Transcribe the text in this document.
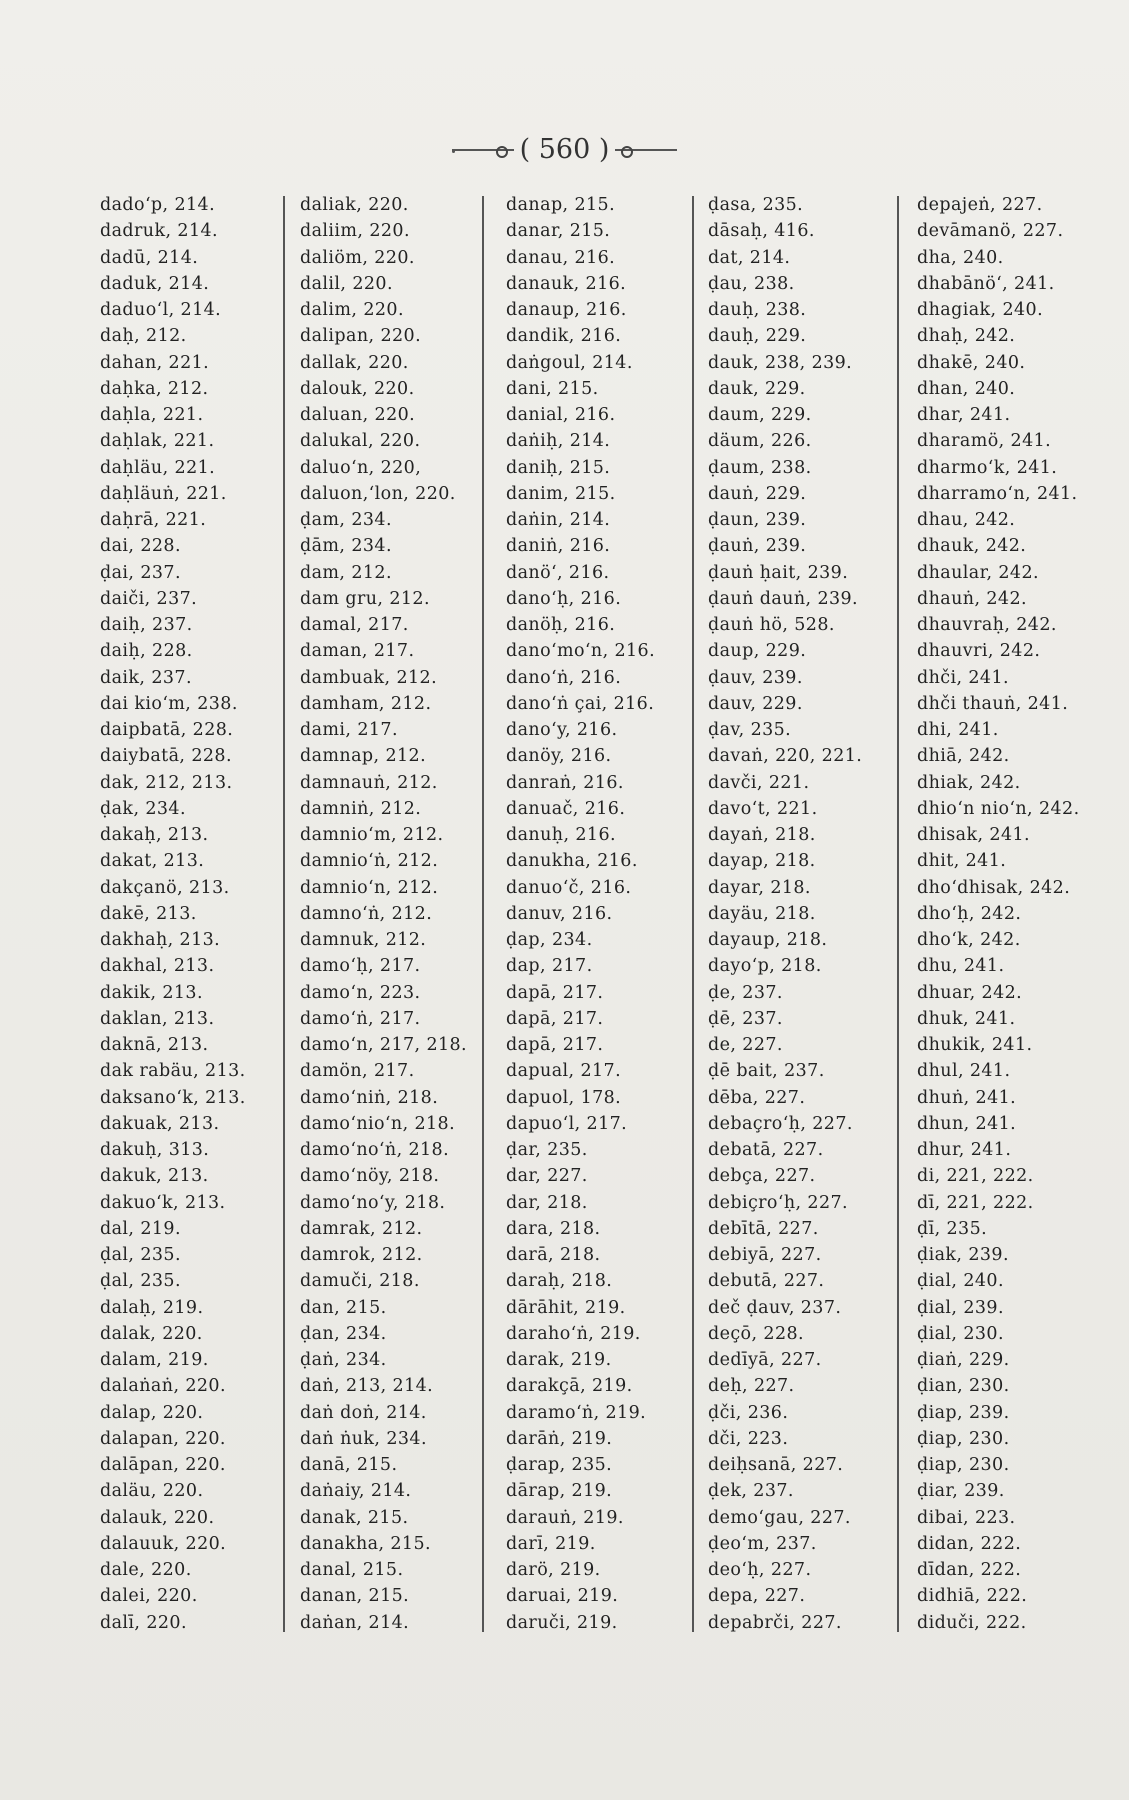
( 560 )
dadoʻp, 214.
dadruk, 214.
dadū, 214.
daduk, 214.
daduoʻl, 214.
daḥ, 212.
dahan, 221.
daḥka, 212.
daḥla, 221.
daḥlak, 221.
daḥläu, 221.
daḥläuṅ, 221.
daḥrā, 221.
dai, 228.
ḍai, 237.
daiči, 237.
daiḥ, 237.
daiḥ, 228.
daik, 237.
dai kioʻm, 238.
daipbatā, 228.
daiybatā, 228.
dak, 212, 213.
ḍak, 234.
dakaḥ, 213.
dakat, 213.
dakçanö, 213.
dakē, 213.
dakhaḥ, 213.
dakhal, 213.
dakik, 213.
daklan, 213.
daknā, 213.
dak rabäu, 213.
daksanoʻk, 213.
dakuak, 213.
dakuḥ, 313.
dakuk, 213.
dakuoʻk, 213.
dal, 219.
ḍal, 235.
ḍal, 235.
dalaḥ, 219.
dalak, 220.
dalam, 219.
dalaṅaṅ, 220.
dalap, 220.
dalapan, 220.
dalāpan, 220.
daläu, 220.
dalauk, 220.
dalauuk, 220.
dale, 220.
dalei, 220.
dalī, 220.
daliak, 220.
daliim, 220.
daliöm, 220.
dalil, 220.
dalim, 220.
dalipan, 220.
dallak, 220.
dalouk, 220.
daluan, 220.
dalukal, 220.
daluoʻn, 220,
daluon,ʻlon, 220.
ḍam, 234.
ḍām, 234.
dam, 212.
dam gru, 212.
damal, 217.
daman, 217.
dambuak, 212.
damham, 212.
dami, 217.
damnap, 212.
damnauṅ, 212.
damniṅ, 212.
damnioʻm, 212.
damnioʻṅ, 212.
damnioʻn, 212.
damnoʻṅ, 212.
damnuk, 212.
damoʻḥ, 217.
damoʻn, 223.
damoʻṅ, 217.
damoʻn, 217, 218.
damön, 217.
damoʻniṅ, 218.
damoʻnioʻn, 218.
damoʻnoʻṅ, 218.
damoʻnöy, 218.
damoʻnoʻy, 218.
damrak, 212.
damrok, 212.
damuči, 218.
dan, 215.
ḍan, 234.
ḍaṅ, 234.
daṅ, 213, 214.
daṅ doṅ, 214.
daṅ ṅuk, 234.
danā, 215.
daṅaiy, 214.
danak, 215.
danakha, 215.
danal, 215.
danan, 215.
daṅan, 214.
danap, 215.
danar, 215.
danau, 216.
danauk, 216.
danaup, 216.
dandik, 216.
daṅgoul, 214.
dani, 215.
danial, 216.
daṅiḥ, 214.
daniḥ, 215.
danim, 215.
daṅin, 214.
daniṅ, 216.
danöʻ, 216.
danoʻḥ, 216.
danöḥ, 216.
danoʻmoʻn, 216.
danoʻṅ, 216.
danoʻṅ çai, 216.
danoʻy, 216.
danöy, 216.
danraṅ, 216.
danuač, 216.
danuḥ, 216.
danukha, 216.
danuoʻč, 216.
danuv, 216.
ḍap, 234.
dap, 217.
dapā, 217.
dapā, 217.
dapā, 217.
dapual, 217.
dapuol, 178.
dapuoʻl, 217.
ḍar, 235.
dar, 227.
dar, 218.
dara, 218.
darā, 218.
daraḥ, 218.
dārāhit, 219.
darahoʻṅ, 219.
darak, 219.
darakçā, 219.
daramoʻṅ, 219.
darāṅ, 219.
ḍarap, 235.
dārap, 219.
darauṅ, 219.
darī, 219.
darö, 219.
daruai, 219.
daruči, 219.
ḍasa, 235.
dāsaḥ, 416.
dat, 214.
ḍau, 238.
dauḥ, 238.
dauḥ, 229.
dauk, 238, 239.
dauk, 229.
daum, 229.
däum, 226.
ḍaum, 238.
dauṅ, 229.
ḍaun, 239.
ḍauṅ, 239.
ḍauṅ ḥait, 239.
ḍauṅ dauṅ, 239.
ḍauṅ hö, 528.
daup, 229.
ḍauv, 239.
dauv, 229.
ḍav, 235.
davaṅ, 220, 221.
davči, 221.
davoʻt, 221.
dayaṅ, 218.
dayap, 218.
dayar, 218.
dayäu, 218.
dayaup, 218.
dayoʻp, 218.
ḍe, 237.
ḍē, 237.
de, 227.
ḍē bait, 237.
dēba, 227.
debaçroʻḥ, 227.
debatā, 227.
debça, 227.
debiçroʻḥ, 227.
debītā, 227.
debiyā, 227.
debutā, 227.
deč ḍauv, 237.
deçō, 228.
dedīyā, 227.
deḥ, 227.
ḍči, 236.
dči, 223.
deiḥsanā, 227.
ḍek, 237.
demoʻgau, 227.
ḍeoʻm, 237.
deoʻḥ, 227.
depa, 227.
depabrči, 227.
depajeṅ, 227.
devāmanö, 227.
dha, 240.
dhabānöʻ, 241.
dhagiak, 240.
dhaḥ, 242.
dhakē, 240.
dhan, 240.
dhar, 241.
dharamö, 241.
dharmoʻk, 241.
dharramoʻn, 241.
dhau, 242.
dhauk, 242.
dhaular, 242.
dhauṅ, 242.
dhauvraḥ, 242.
dhauvri, 242.
dhči, 241.
dhči thauṅ, 241.
dhi, 241.
dhiā, 242.
dhiak, 242.
dhioʻn nioʻn, 242.
dhisak, 241.
dhit, 241.
dhoʻdhisak, 242.
dhoʻḥ, 242.
dhoʻk, 242.
dhu, 241.
dhuar, 242.
dhuk, 241.
dhukik, 241.
dhul, 241.
dhuṅ, 241.
dhun, 241.
dhur, 241.
di, 221, 222.
dī, 221, 222.
ḍī, 235.
ḍiak, 239.
ḍial, 240.
ḍial, 239.
ḍial, 230.
ḍiaṅ, 229.
ḍian, 230.
ḍiap, 239.
ḍiap, 230.
ḍiap, 230.
ḍiar, 239.
dibai, 223.
didan, 222.
dīdan, 222.
didhiā, 222.
diduči, 222.
